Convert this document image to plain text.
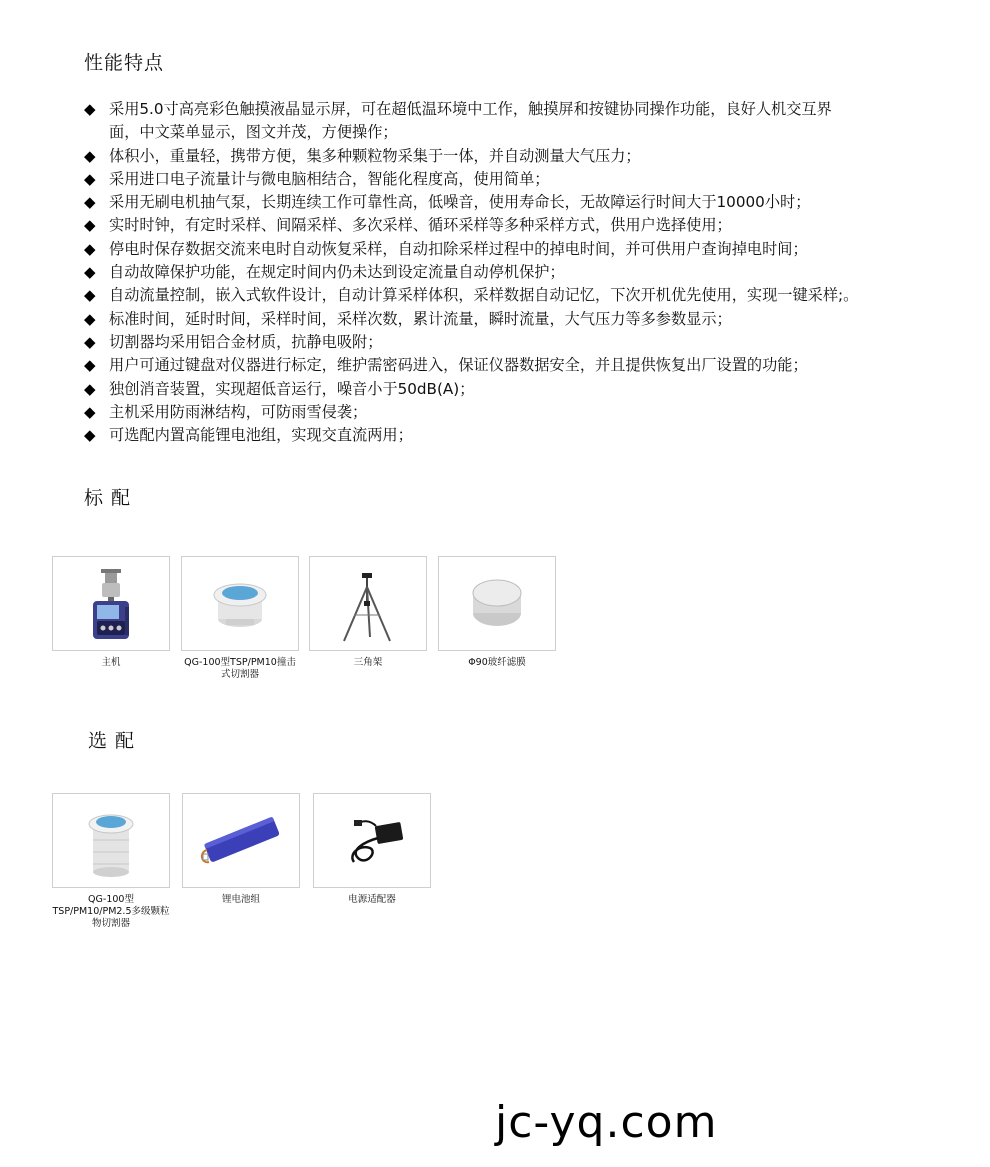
性能特点
◆ 采用5.0寸高亮彩色触摸液晶显示屏，可在超低温环境中工作，触摸屏和按键协同操作功能，良好人机交互界
面，中文菜单显示，图文并茂，方便操作；
◆ 体积小，重量轻，携带方便，集多种颗粒物采集于一体，并自动测量大气压力；
◆ 采用进口电子流量计与微电脑相结合，智能化程度高，使用简单；
◆ 采用无刷电机抽气泵，长期连续工作可靠性高，低噪音，使用寿命长，无故障运行时间大于10000小时；
◆ 实时时钟，有定时采样、间隔采样、多次采样、循环采样等多种采样方式，供用户选择使用；
◆ 停电时保存数据交流来电时自动恢复采样，自动扣除采样过程中的掉电时间，并可供用户查询掉电时间；
◆ 自动故障保护功能，在规定时间内仍未达到设定流量自动停机保护；
◆ 自动流量控制，嵌入式软件设计，自动计算采样体积，采样数据自动记忆，下次开机优先使用，实现一键采样;。
◆ 标准时间，延时时间，采样时间，采样次数，累计流量，瞬时流量，大气压力等多参数显示；
◆ 切割器均采用铝合金材质，抗静电吸附；
◆ 用户可通过键盘对仪器进行标定，维护需密码进入，保证仪器数据安全，并且提供恢复出厂设置的功能；
◆ 独创消音装置，实现超低音运行，噪音小于50dB(A)；
◆ 主机采用防雨淋结构，可防雨雪侵袭；
◆ 可选配内置高能锂电池组，实现交直流两用；
标 配
主机	QG-100型TSP/PM10撞击式切割器
三角架	Φ90玻纤滤膜
选 配
QG-100型TSP/PM10/PM2.5多级颗粒物切割器
锂电池组	电源适配器
jc-yq.com
